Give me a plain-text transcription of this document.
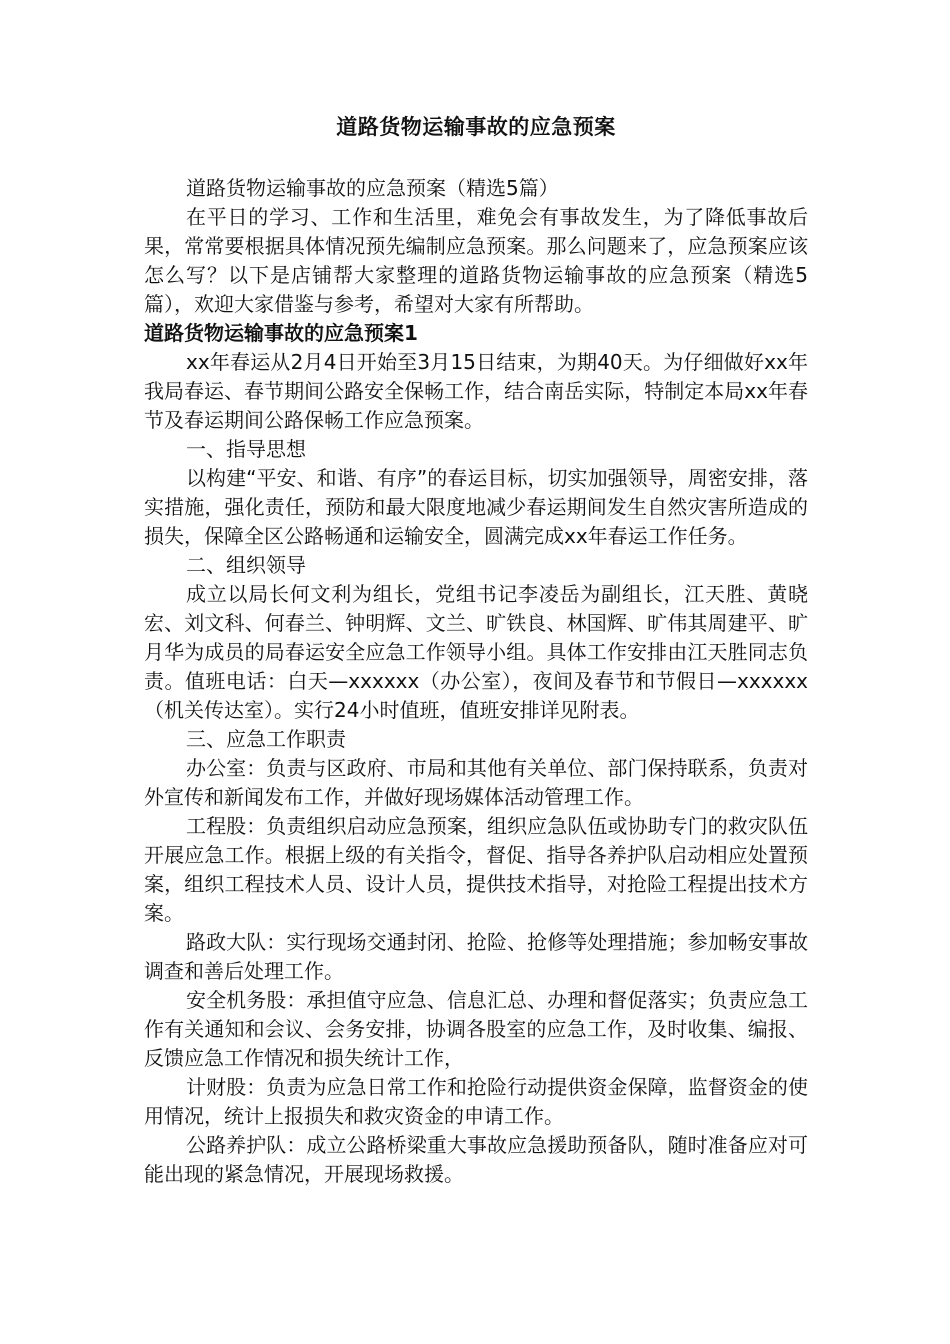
道路货物运输事故的应急预案

道路货物运输事故的应急预案（精选5篇）

在平日的学习、工作和生活里，难免会有事故发生，为了降低事故后果，常常要根据具体情况预先编制应急预案。那么问题来了，应急预案应该怎么写？以下是店铺帮大家整理的道路货物运输事故的应急预案（精选5篇），欢迎大家借鉴与参考，希望对大家有所帮助。

道路货物运输事故的应急预案1

xx年春运从2月4日开始至3月15日结束，为期40天。为仔细做好xx年我局春运、春节期间公路安全保畅工作，结合南岳实际，特制定本局xx年春节及春运期间公路保畅工作应急预案。

一、指导思想

以构建“平安、和谐、有序”的春运目标，切实加强领导，周密安排，落实措施，强化责任，预防和最大限度地减少春运期间发生自然灾害所造成的损失，保障全区公路畅通和运输安全，圆满完成xx年春运工作任务。

二、组织领导

成立以局长何文利为组长，党组书记李凌岳为副组长，江天胜、黄晓宏、刘文科、何春兰、钟明辉、文兰、旷铁良、林国辉、旷伟其周建平、旷月华为成员的局春运安全应急工作领导小组。具体工作安排由江天胜同志负责。值班电话：白天—xxxxxx（办公室），夜间及春节和节假日—xxxxxx（机关传达室）。实行24小时值班，值班安排详见附表。

三、应急工作职责

办公室：负责与区政府、市局和其他有关单位、部门保持联系，负责对外宣传和新闻发布工作，并做好现场媒体活动管理工作。

工程股：负责组织启动应急预案，组织应急队伍或协助专门的救灾队伍开展应急工作。根据上级的有关指令，督促、指导各养护队启动相应处置预案，组织工程技术人员、设计人员，提供技术指导，对抢险工程提出技术方案。

路政大队：实行现场交通封闭、抢险、抢修等处理措施；参加畅安事故调查和善后处理工作。

安全机务股：承担值守应急、信息汇总、办理和督促落实；负责应急工作有关通知和会议、会务安排，协调各股室的应急工作，及时收集、编报、反馈应急工作情况和损失统计工作，

计财股：负责为应急日常工作和抢险行动提供资金保障，监督资金的使用情况，统计上报损失和救灾资金的申请工作。

公路养护队：成立公路桥梁重大事故应急援助预备队，随时准备应对可能出现的紧急情况，开展现场救援。
